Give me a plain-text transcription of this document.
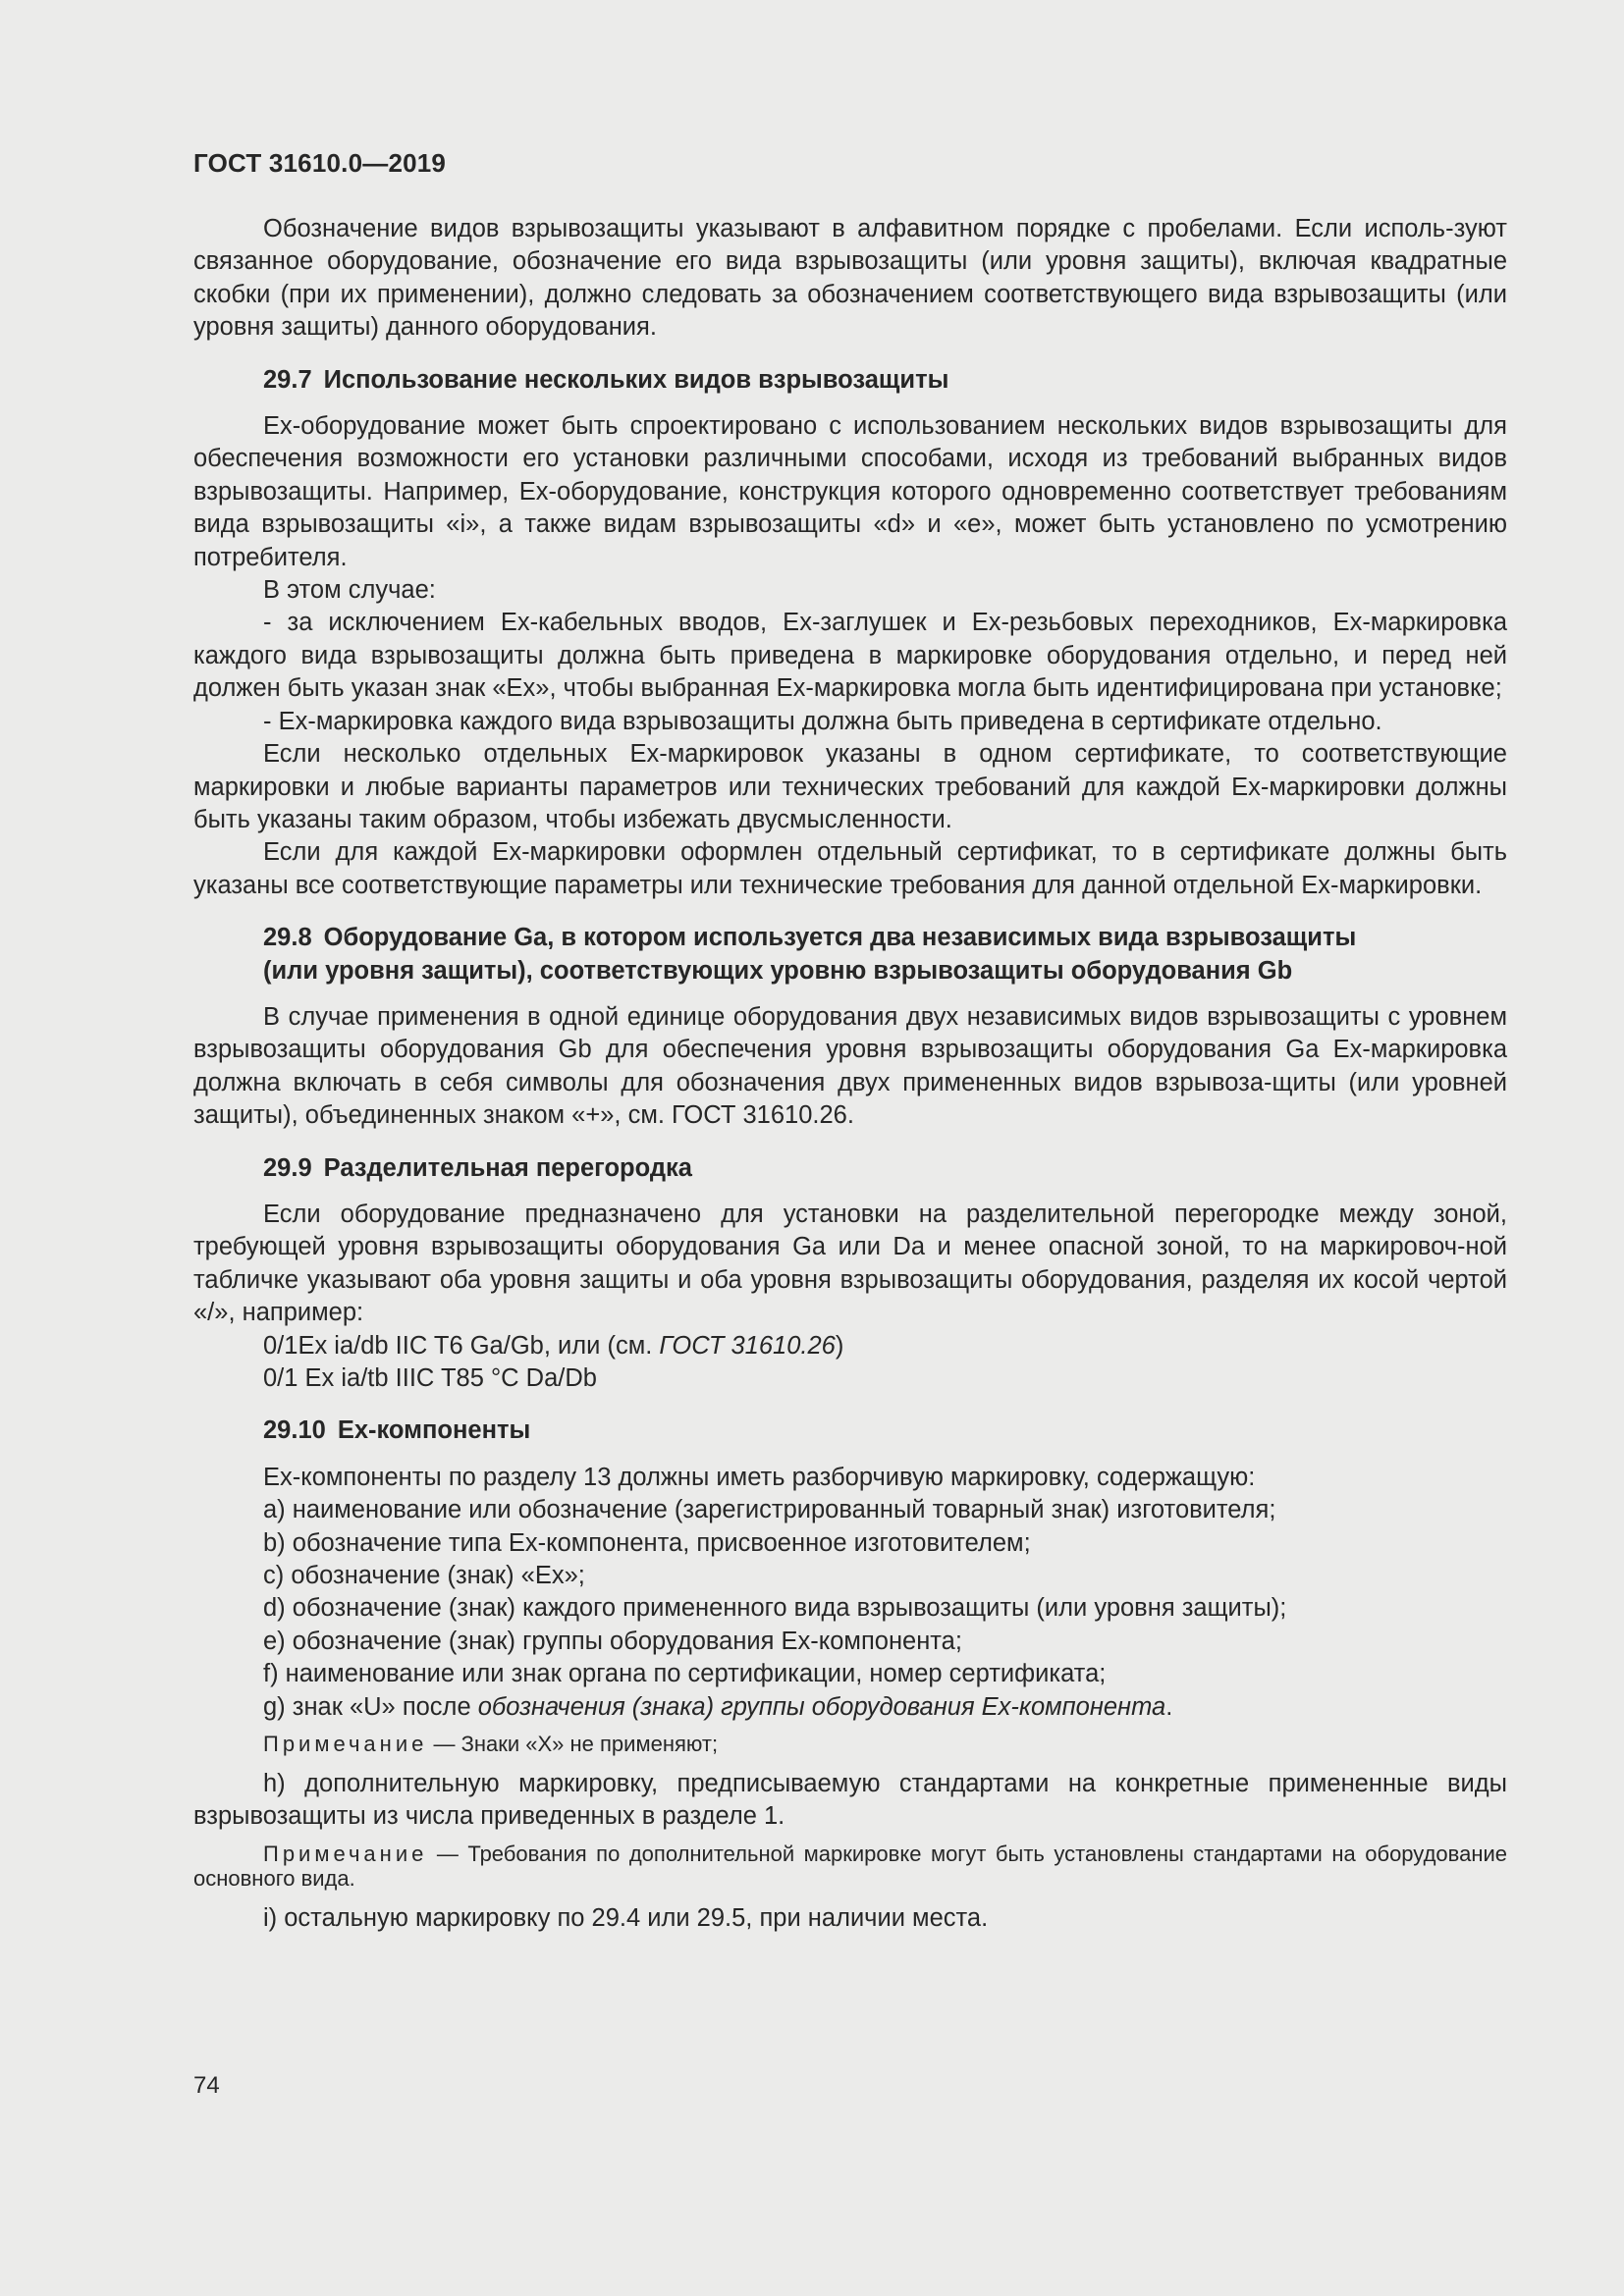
ГОСТ 31610.0—2019

Обозначение видов взрывозащиты указывают в алфавитном порядке с пробелами. Если исполь-зуют связанное оборудование, обозначение его вида взрывозащиты (или уровня защиты), включая квадратные скобки (при их применении), должно следовать за обозначением соответствующего вида взрывозащиты (или уровня защиты) данного оборудования.

29.7 Использование нескольких видов взрывозащиты

Ex-оборудование может быть спроектировано с использованием нескольких видов взрывозащиты для обеспечения возможности его установки различными способами, исходя из требований выбранных видов взрывозащиты. Например, Ex-оборудование, конструкция которого одновременно соответствует требованиям вида взрывозащиты «i», а также видам взрывозащиты «d» и «e», может быть установлено по усмотрению потребителя.

В этом случае:

- за исключением Ex-кабельных вводов, Ex-заглушек и Ex-резьбовых переходников, Ex-маркировка каждого вида взрывозащиты должна быть приведена в маркировке оборудования отдельно, и перед ней должен быть указан знак «Ex», чтобы выбранная Ex-маркировка могла быть идентифицирована при установке;

- Ex-маркировка каждого вида взрывозащиты должна быть приведена в сертификате отдельно.

Если несколько отдельных Ex-маркировок указаны в одном сертификате, то соответствующие маркировки и любые варианты параметров или технических требований для каждой Ex-маркировки должны быть указаны таким образом, чтобы избежать двусмысленности.

Если для каждой Ex-маркировки оформлен отдельный сертификат, то в сертификате должны быть указаны все соответствующие параметры или технические требования для данной отдельной Ex-маркировки.

29.8 Оборудование Ga, в котором используется два независимых вида взрывозащиты
(или уровня защиты), соответствующих уровню взрывозащиты оборудования Gb

В случае применения в одной единице оборудования двух независимых видов взрывозащиты с уровнем взрывозащиты оборудования Gb для обеспечения уровня взрывозащиты оборудования Ga Ex-маркировка должна включать в себя символы для обозначения двух примененных видов взрывоза-щиты (или уровней защиты), объединенных знаком «+», см. ГОСТ 31610.26.

29.9 Разделительная перегородка

Если оборудование предназначено для установки на разделительной перегородке между зоной, требующей уровня взрывозащиты оборудования Ga или Da и менее опасной зоной, то на маркировоч-ной табличке указывают оба уровня защиты и оба уровня взрывозащиты оборудования, разделяя их косой чертой «/», например:

0/1Ex ia/db IIC T6 Ga/Gb, или (см. ГОСТ 31610.26)

0/1 Ex ia/tb IIIC T85 °C Da/Db

29.10 Ex-компоненты

Ex-компоненты по разделу 13 должны иметь разборчивую маркировку, содержащую:

a) наименование или обозначение (зарегистрированный товарный знак) изготовителя;

b) обозначение типа Ex-компонента, присвоенное изготовителем;

c) обозначение (знак) «Ex»;

d) обозначение (знак) каждого примененного вида взрывозащиты (или уровня защиты);

e) обозначение (знак) группы оборудования Ex-компонента;

f) наименование или знак органа по сертификации, номер сертификата;

g) знак «U» после обозначения (знака) группы оборудования Ex-компонента.

Примечание — Знаки «X» не применяют;

h) дополнительную маркировку, предписываемую стандартами на конкретные примененные виды взрывозащиты из числа приведенных в разделе 1.

Примечание — Требования по дополнительной маркировке могут быть установлены стандартами на оборудование основного вида.

i) остальную маркировку по 29.4 или 29.5, при наличии места.

74
